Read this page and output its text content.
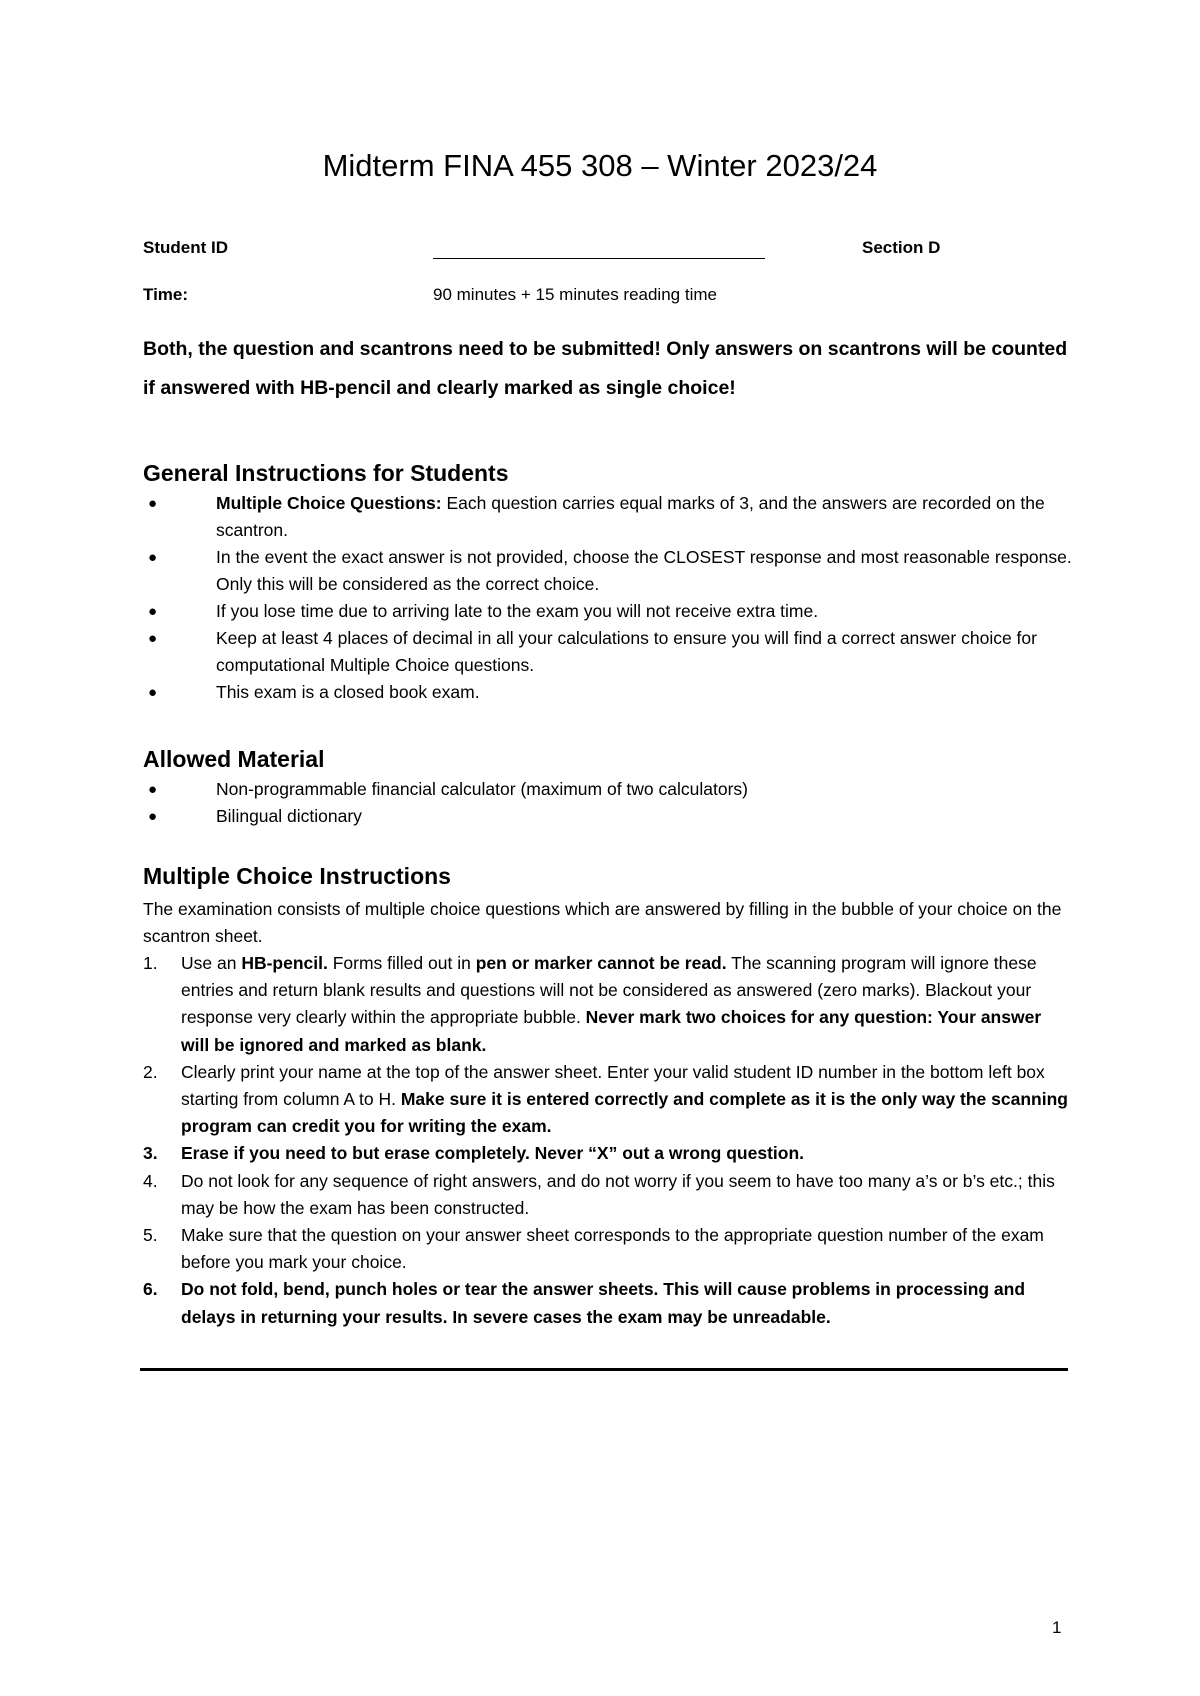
Midterm FINA 455 308 – Winter 2023/24
Student ID	Section D
Time:	90 minutes + 15 minutes reading time
Both, the question and scantrons need to be submitted! Only answers on scantrons will be counted if answered with HB-pencil and clearly marked as single choice!
General Instructions for Students
●	Multiple Choice Questions: Each question carries equal marks of 3, and the answers are recorded on the scantron.
●	In the event the exact answer is not provided, choose the CLOSEST response and most reasonable response. Only this will be considered as the correct choice.
●	If you lose time due to arriving late to the exam you will not receive extra time.
●	Keep at least 4 places of decimal in all your calculations to ensure you will find a correct answer choice for computational Multiple Choice questions.
●	This exam is a closed book exam.
Allowed Material
●	Non-programmable financial calculator (maximum of two calculators)
●	Bilingual dictionary
Multiple Choice Instructions
The examination consists of multiple choice questions which are answered by filling in the bubble of your choice on the scantron sheet.
1. Use an HB-pencil. Forms filled out in pen or marker cannot be read. The scanning program will ignore these entries and return blank results and questions will not be considered as answered (zero marks). Blackout your response very clearly within the appropriate bubble. Never mark two choices for any question: Your answer will be ignored and marked as blank.
2. Clearly print your name at the top of the answer sheet. Enter your valid student ID number in the bottom left box starting from column A to H. Make sure it is entered correctly and complete as it is the only way the scanning program can credit you for writing the exam.
3. Erase if you need to but erase completely. Never “X” out a wrong question.
4. Do not look for any sequence of right answers, and do not worry if you seem to have too many a’s or b’s etc.; this may be how the exam has been constructed.
5. Make sure that the question on your answer sheet corresponds to the appropriate question number of the exam before you mark your choice.
6. Do not fold, bend, punch holes or tear the answer sheets. This will cause problems in processing and delays in returning your results. In severe cases the exam may be unreadable.
1
